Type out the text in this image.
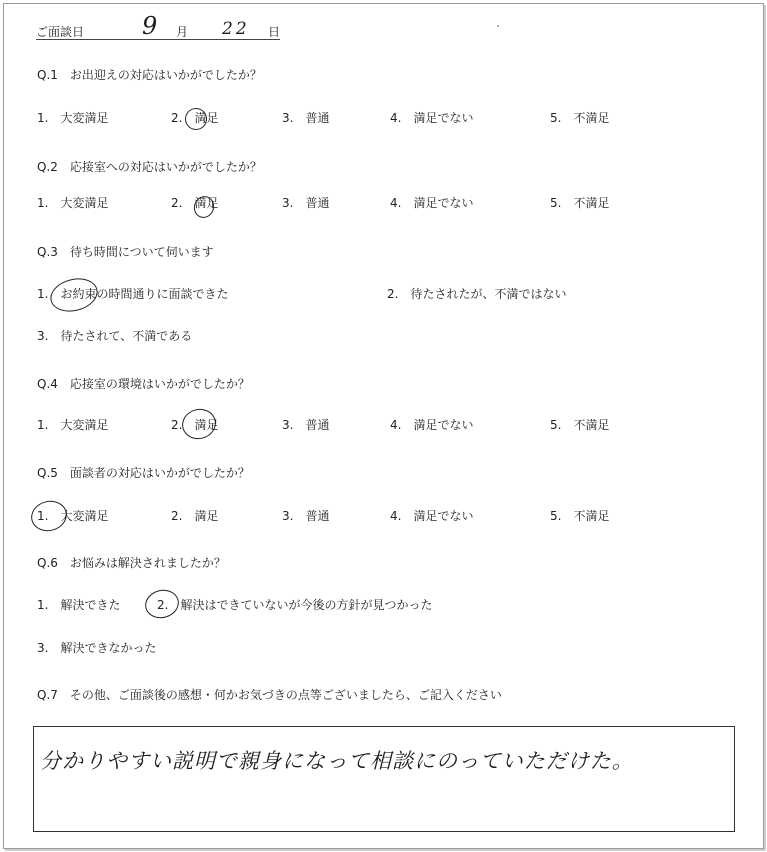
ご面談日 9 月 22 日
Q.1　お出迎えの対応はいかがでしたか？
1.　大変満足	2.　満足	3.　普通	4.　満足でない	5.　不満足
Q.2　応接室への対応はいかがでしたか？
1.　大変満足	2.　満足	3.　普通	4.　満足でない	5.　不満足
Q.3　待ち時間について伺います
1.　お約束の時間通りに面談できた	2.　待たされたが、不満ではない
3.　待たされて、不満である
Q.4　応接室の環境はいかがでしたか？
1.　大変満足	2.　満足	3.　普通	4.　満足でない	5.　不満足
Q.5　面談者の対応はいかがでしたか？
1.　大変満足	2.　満足	3.　普通	4.　満足でない	5.　不満足
Q.6　お悩みは解決されましたか？
1.　解決できた	2.　解決はできていないが今後の方針が見つかった
3.　解決できなかった
Q.7　その他、ご面談後の感想・何かお気づきの点等ございましたら、ご記入ください
分かりやすい説明で親身になって相談にのっていただけた。
